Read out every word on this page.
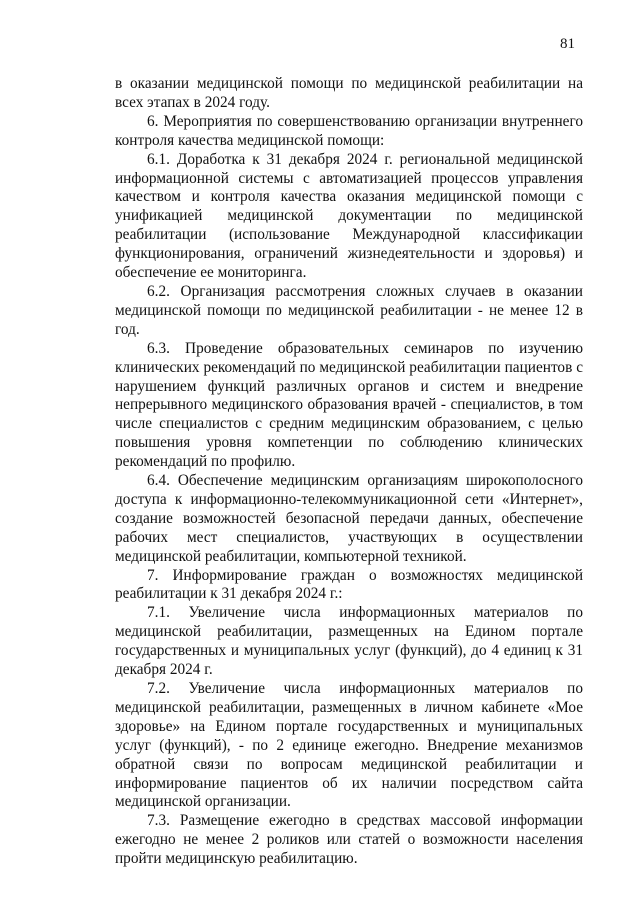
81

в оказании медицинской помощи по медицинской реабилитации на всех этапах в 2024 году.

6. Мероприятия по совершенствованию организации внутреннего контроля качества медицинской помощи:

6.1. Доработка к 31 декабря 2024 г. региональной медицинской информационной системы с автоматизацией процессов управления качеством и контроля качества оказания медицинской помощи с унификацией медицинской документации по медицинской реабилитации (использование Международной классификации функционирования, ограничений жизнедеятельности и здоровья) и обеспечение ее мониторинга.

6.2. Организация рассмотрения сложных случаев в оказании медицинской помощи по медицинской реабилитации - не менее 12 в год.

6.3. Проведение образовательных семинаров по изучению клинических рекомендаций по медицинской реабилитации пациентов с нарушением функций различных органов и систем и внедрение непрерывного медицинского образования врачей - специалистов, в том числе специалистов с средним медицинским образованием, с целью повышения уровня компетенции по соблюдению клинических рекомендаций по профилю.

6.4. Обеспечение медицинским организациям широкополосного доступа к информационно-телекоммуникационной сети «Интернет», создание возможностей безопасной передачи данных, обеспечение рабочих мест специалистов, участвующих в осуществлении медицинской реабилитации, компьютерной техникой.

7. Информирование граждан о возможностях медицинской реабилитации к 31 декабря 2024 г.:

7.1. Увеличение числа информационных материалов по медицинской реабилитации, размещенных на Едином портале государственных и муниципальных услуг (функций), до 4 единиц к 31 декабря 2024 г.

7.2. Увеличение числа информационных материалов по медицинской реабилитации, размещенных в личном кабинете «Мое здоровье» на Едином портале государственных и муниципальных услуг (функций), - по 2 единице ежегодно. Внедрение механизмов обратной связи по вопросам медицинской реабилитации и информирование пациентов об их наличии посредством сайта медицинской организации.

7.3. Размещение ежегодно в средствах массовой информации ежегодно не менее 2 роликов или статей о возможности населения пройти медицинскую реабилитацию.
